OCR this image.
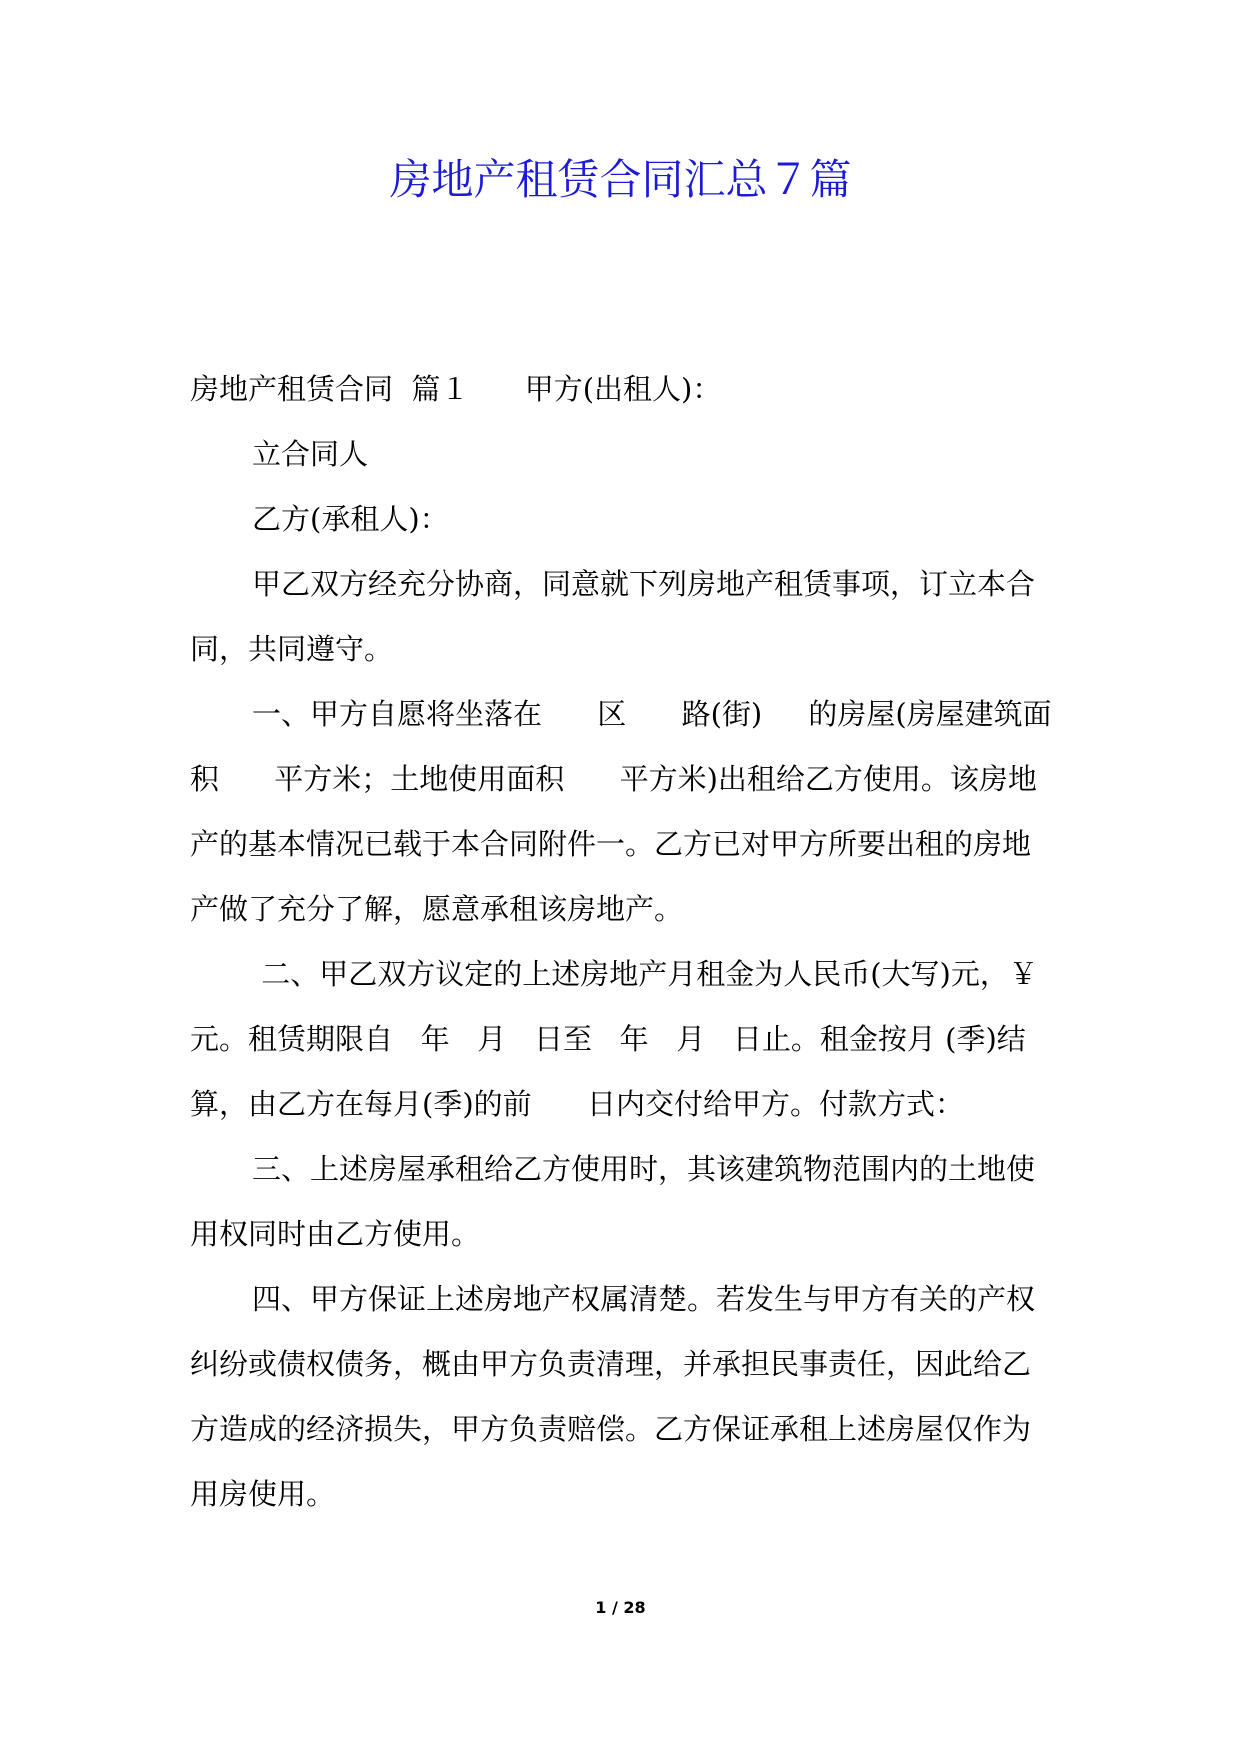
房地产租赁合同汇总７篇

房地产租赁合同  篇１      甲方(出租人)：

立合同人

乙方(承租人)：

甲乙双方经充分协商，同意就下列房地产租赁事项，订立本合同，共同遵守。

一、甲方自愿将坐落在      区      路(街)     的房屋(房屋建筑面积      平方米；土地使用面积      平方米)出租给乙方使用。该房地产的基本情况已载于本合同附件一。乙方已对甲方所要出租的房地产做了充分了解，愿意承租该房地产。

二、甲乙双方议定的上述房地产月租金为人民币(大写)元，￥    元。租赁期限自   年   月   日至   年   月   日止。租金按月 (季)结算，由乙方在每月(季)的前      日内交付给甲方。付款方式：

三、上述房屋承租给乙方使用时，其该建筑物范围内的土地使用权同时由乙方使用。

四、甲方保证上述房地产权属清楚。若发生与甲方有关的产权纠纷或债权债务，概由甲方负责清理，并承担民事责任，因此给乙方造成的经济损失，甲方负责赔偿。乙方保证承租上述房屋仅作为       用房使用。

1 / 28
